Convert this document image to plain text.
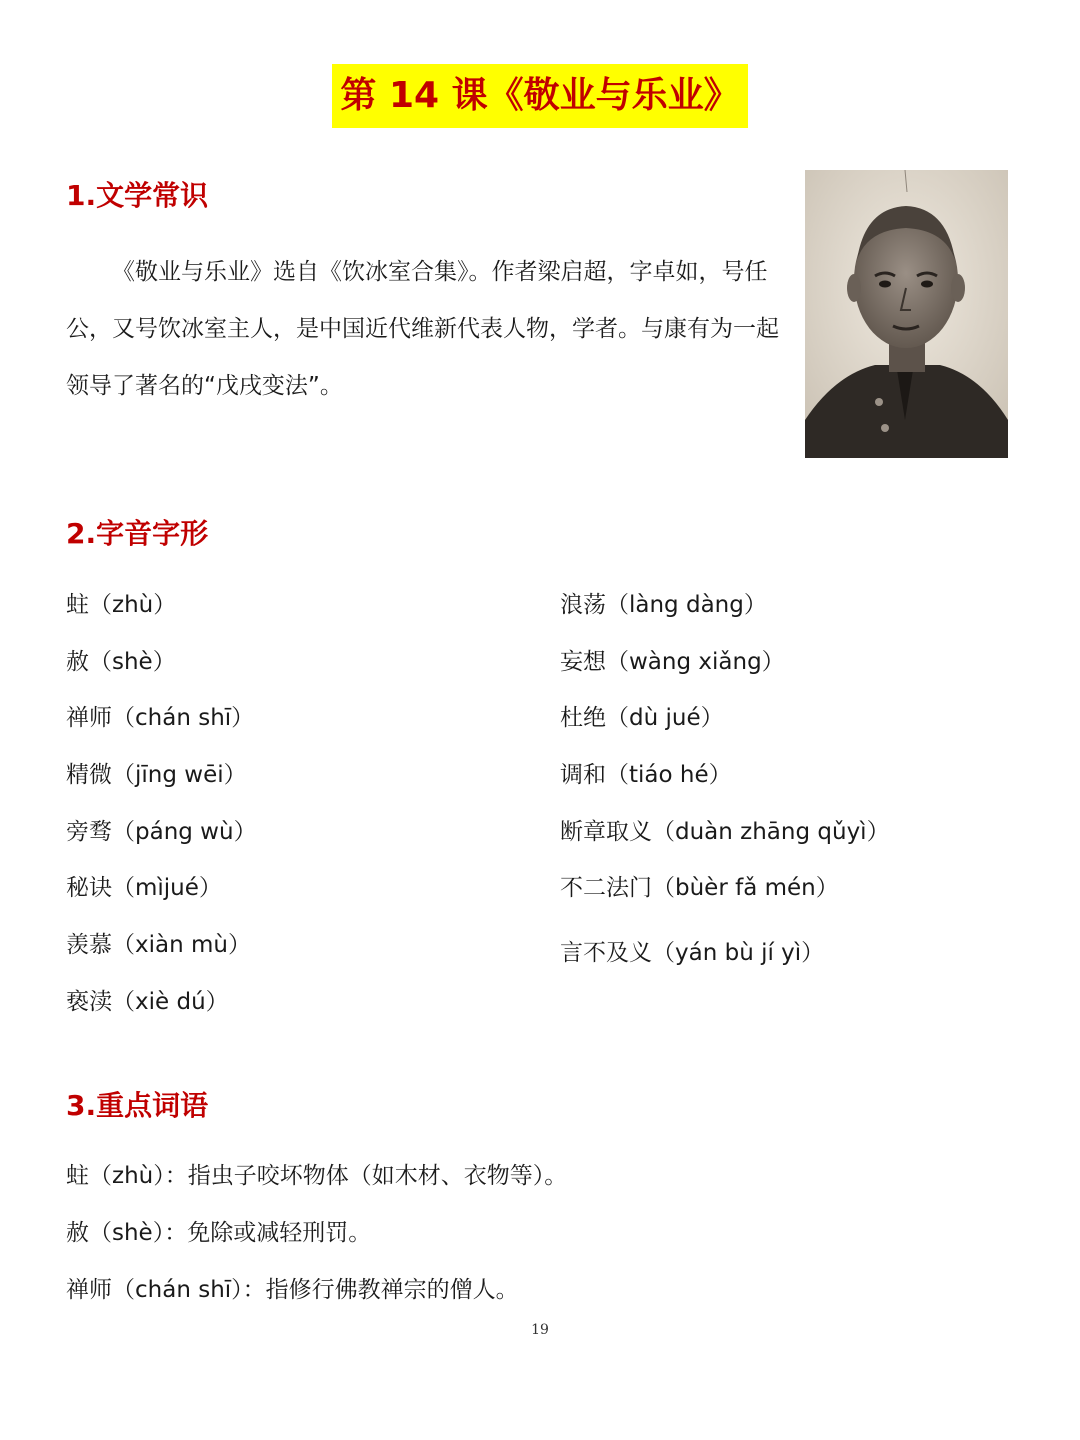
第 14 课《敬业与乐业》
1.文学常识

《敬业与乐业》选自《饮冰室合集》。作者梁启超，字卓如，号任公，又号饮冰室主人，是中国近代维新代表人物，学者。与康有为一起领导了著名的“戊戌变法”。

2.字音字形
蛀（zhù）
赦（shè）
禅师（chán shī）
精微（jīng wēi）
旁骛（páng wù）
秘诀（mìjué）
羡慕（xiàn mù）
亵渎（xiè dú）
浪荡（làng dàng）
妄想（wàng xiǎng）
杜绝（dù jué）
调和（tiáo hé）
断章取义（duàn zhāng qǔyì）
不二法门（bùèr fǎ mén）
言不及义（yán bù jí yì）
3.重点词语
蛀（zhù）：指虫子咬坏物体（如木材、衣物等）。
赦（shè）：免除或减轻刑罚。
禅师（chán shī）：指修行佛教禅宗的僧人。
19
